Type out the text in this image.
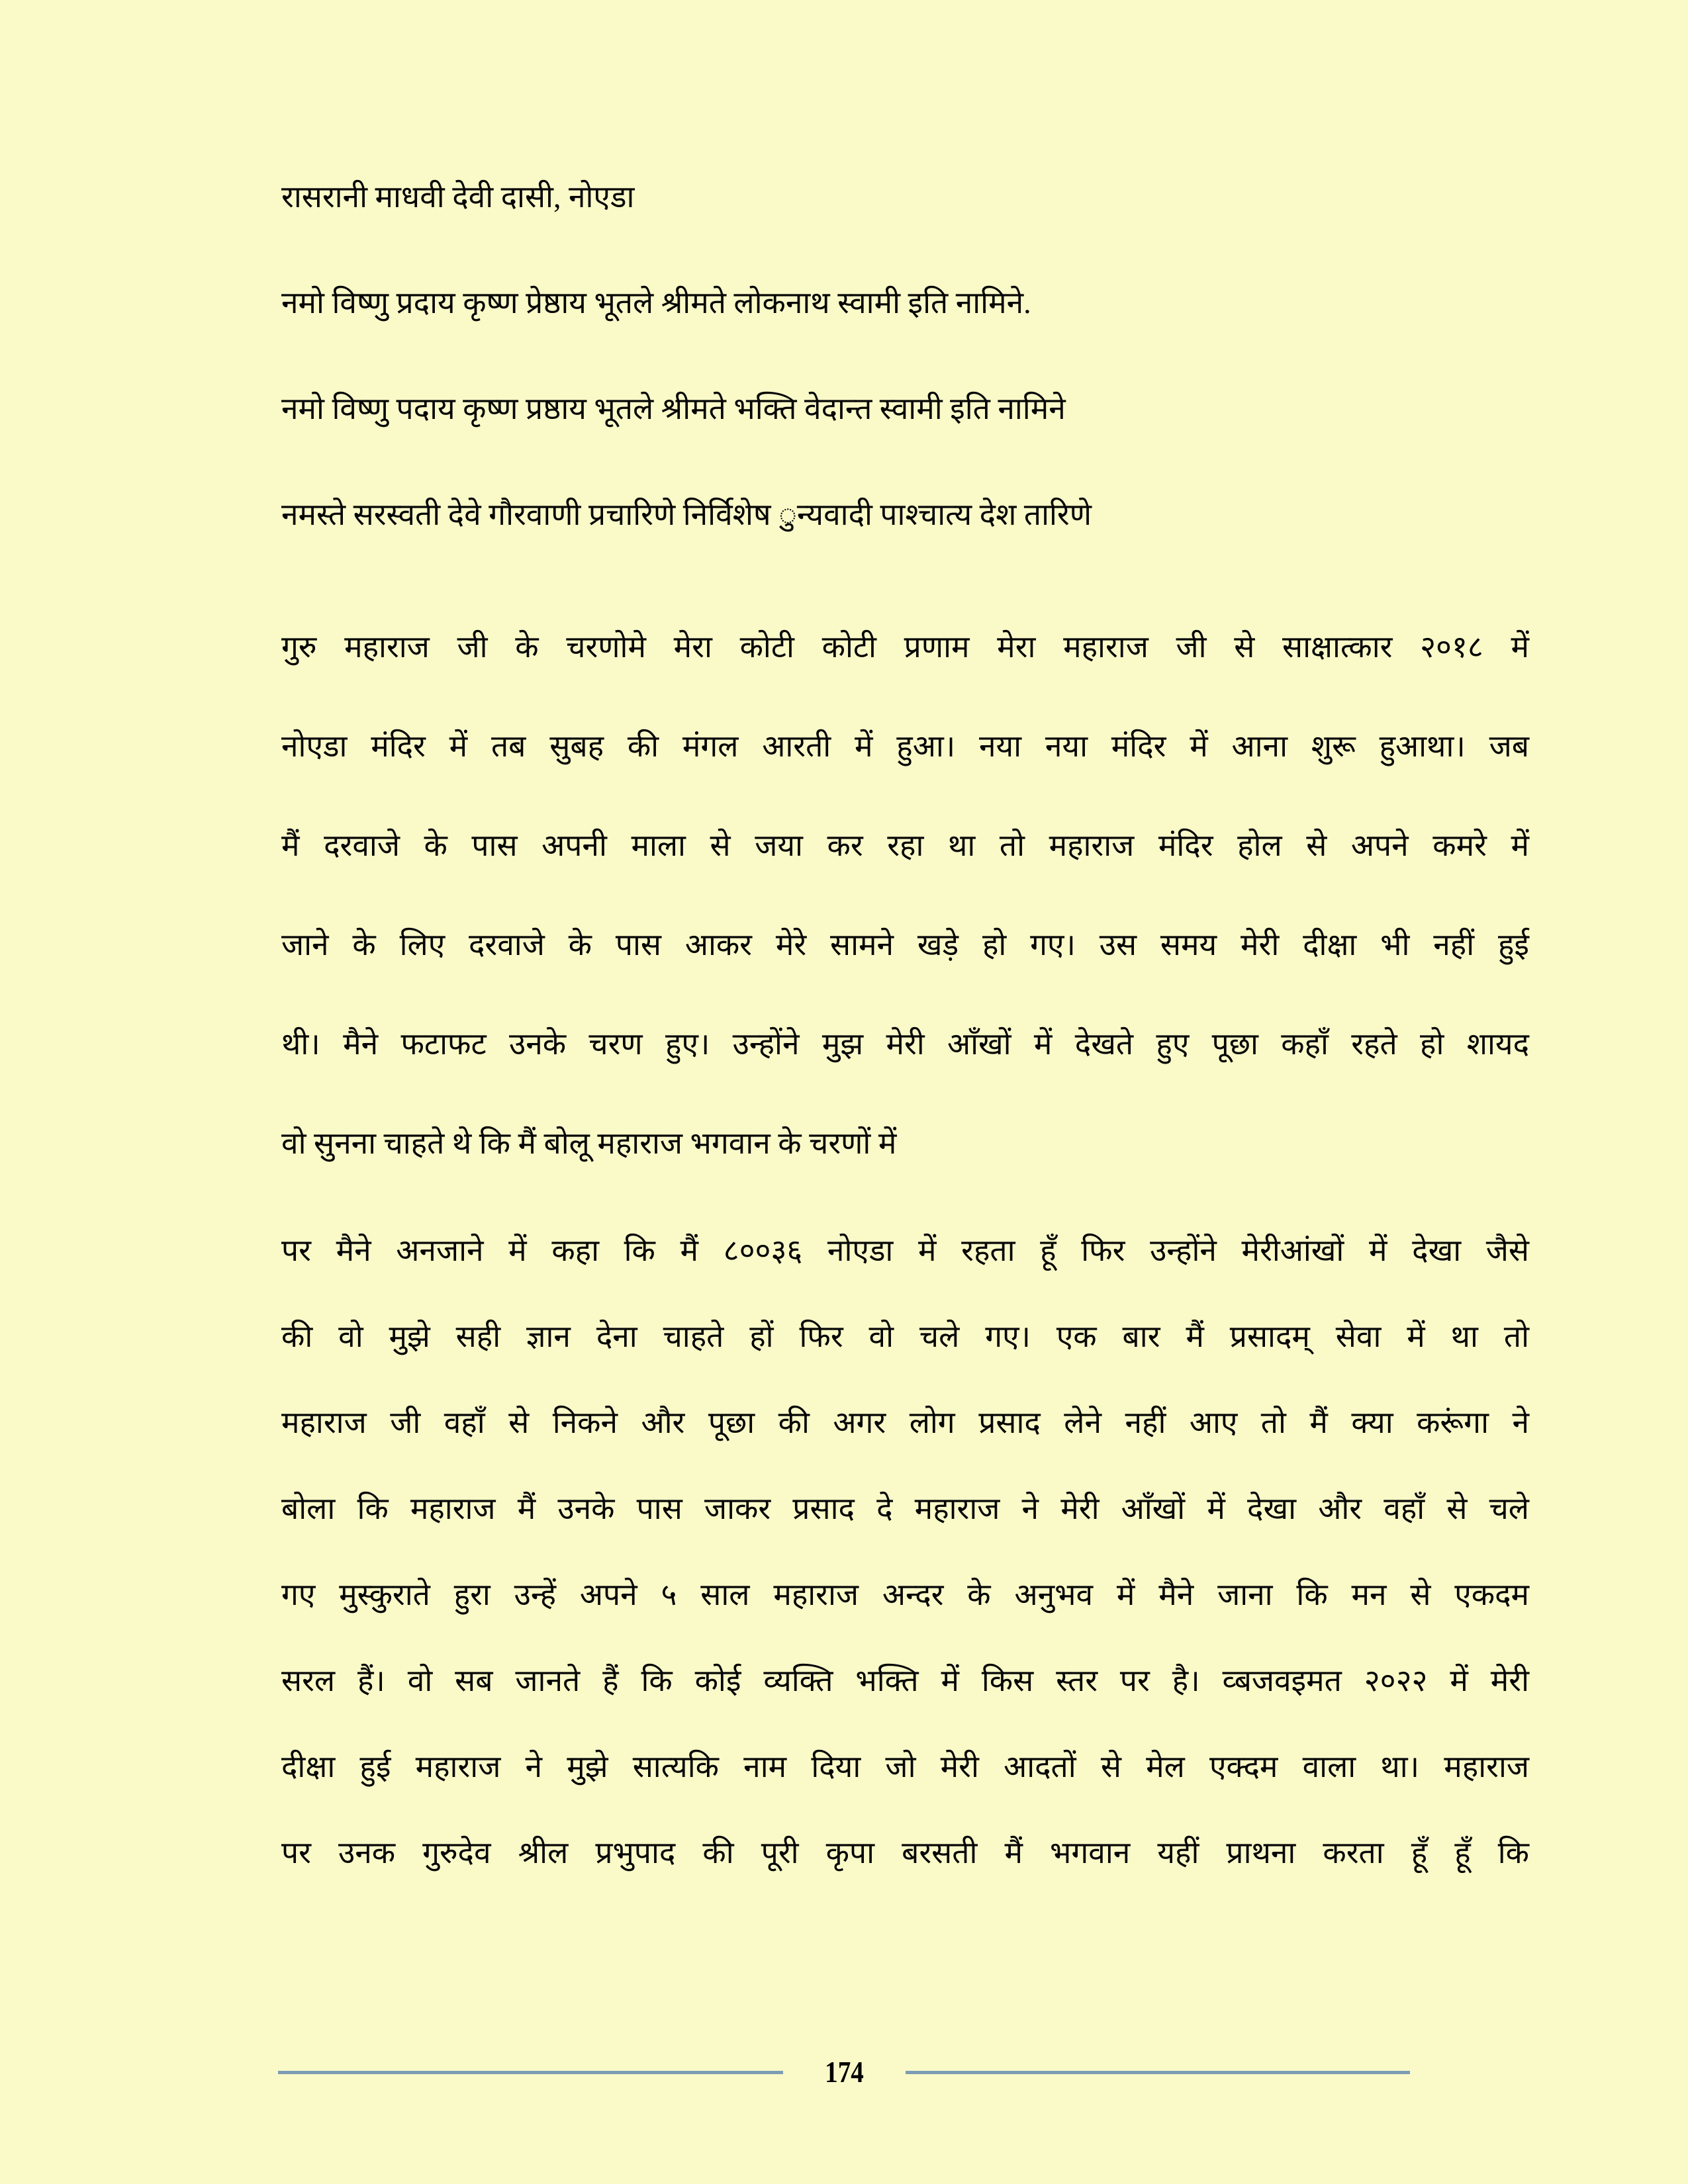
रासरानी माधवी देवी दासी, नोएडा
नमो विष्णु प्रदाय कृष्ण प्रेष्ठाय भूतले श्रीमते लोकनाथ स्वामी इति नामिने.
नमो विष्णु पदाय कृष्ण प्रष्ठाय भूतले श्रीमते भक्ति वेदान्त स्वामी इति नामिने
नमस्ते सरस्वती देवे गौरवाणी प्रचारिणे निर्विशेष ुन्यवादी पाश्चात्य देश तारिणे
गुरु महाराज जी के चरणोमे मेरा कोटी कोटी प्रणाम मेरा महाराज जी से साक्षात्कार २०१८ में
नोएडा मंदिर में तब सुबह की मंगल आरती में हुआ। नया नया मंदिर में आना शुरू हुआथा। जब
मैं दरवाजे के पास अपनी माला से जया कर रहा था तो महाराज मंदिर होल से अपने कमरे में
जाने के लिए दरवाजे के पास आकर मेरे सामने खड़े हो गए। उस समय मेरी दीक्षा भी नहीं हुई
थी। मैने फटाफट उनके चरण हुए। उन्होंने मुझ मेरी आँखों में देखते हुए पूछा कहाँ रहते हो शायद
वो सुनना चाहते थे कि मैं बोलू महाराज भगवान के चरणों में
पर मैने अनजाने में कहा कि मैं ८००३६ नोएडा में रहता हूँ फिर उन्होंने मेरीआंखों में देखा जैसे
की वो मुझे सही ज्ञान देना चाहते हों फिर वो चले गए। एक बार मैं प्रसादम् सेवा में था तो
महाराज जी वहाँ से निकने और पूछा की अगर लोग प्रसाद लेने नहीं आए तो मैं क्या करूंगा ने
बोला कि महाराज मैं उनके पास जाकर प्रसाद दे महाराज ने मेरी आँखों में देखा और वहाँ से चले
गए मुस्कुराते हुरा उन्हें अपने ५ साल महाराज अन्दर के अनुभव में मैने जाना कि मन से एकदम
सरल हैं। वो सब जानते हैं कि कोई व्यक्ति भक्ति में किस स्तर पर है। व्बजवइमत २०२२ में मेरी
दीक्षा हुई महाराज ने मुझे सात्यकि नाम दिया जो मेरी आदतों से मेल एक्दम वाला था। महाराज
पर उनक गुरुदेव श्रील प्रभुपाद की पूरी कृपा बरसती मैं भगवान यहीं प्राथना करता हूँ हूँ कि
174
